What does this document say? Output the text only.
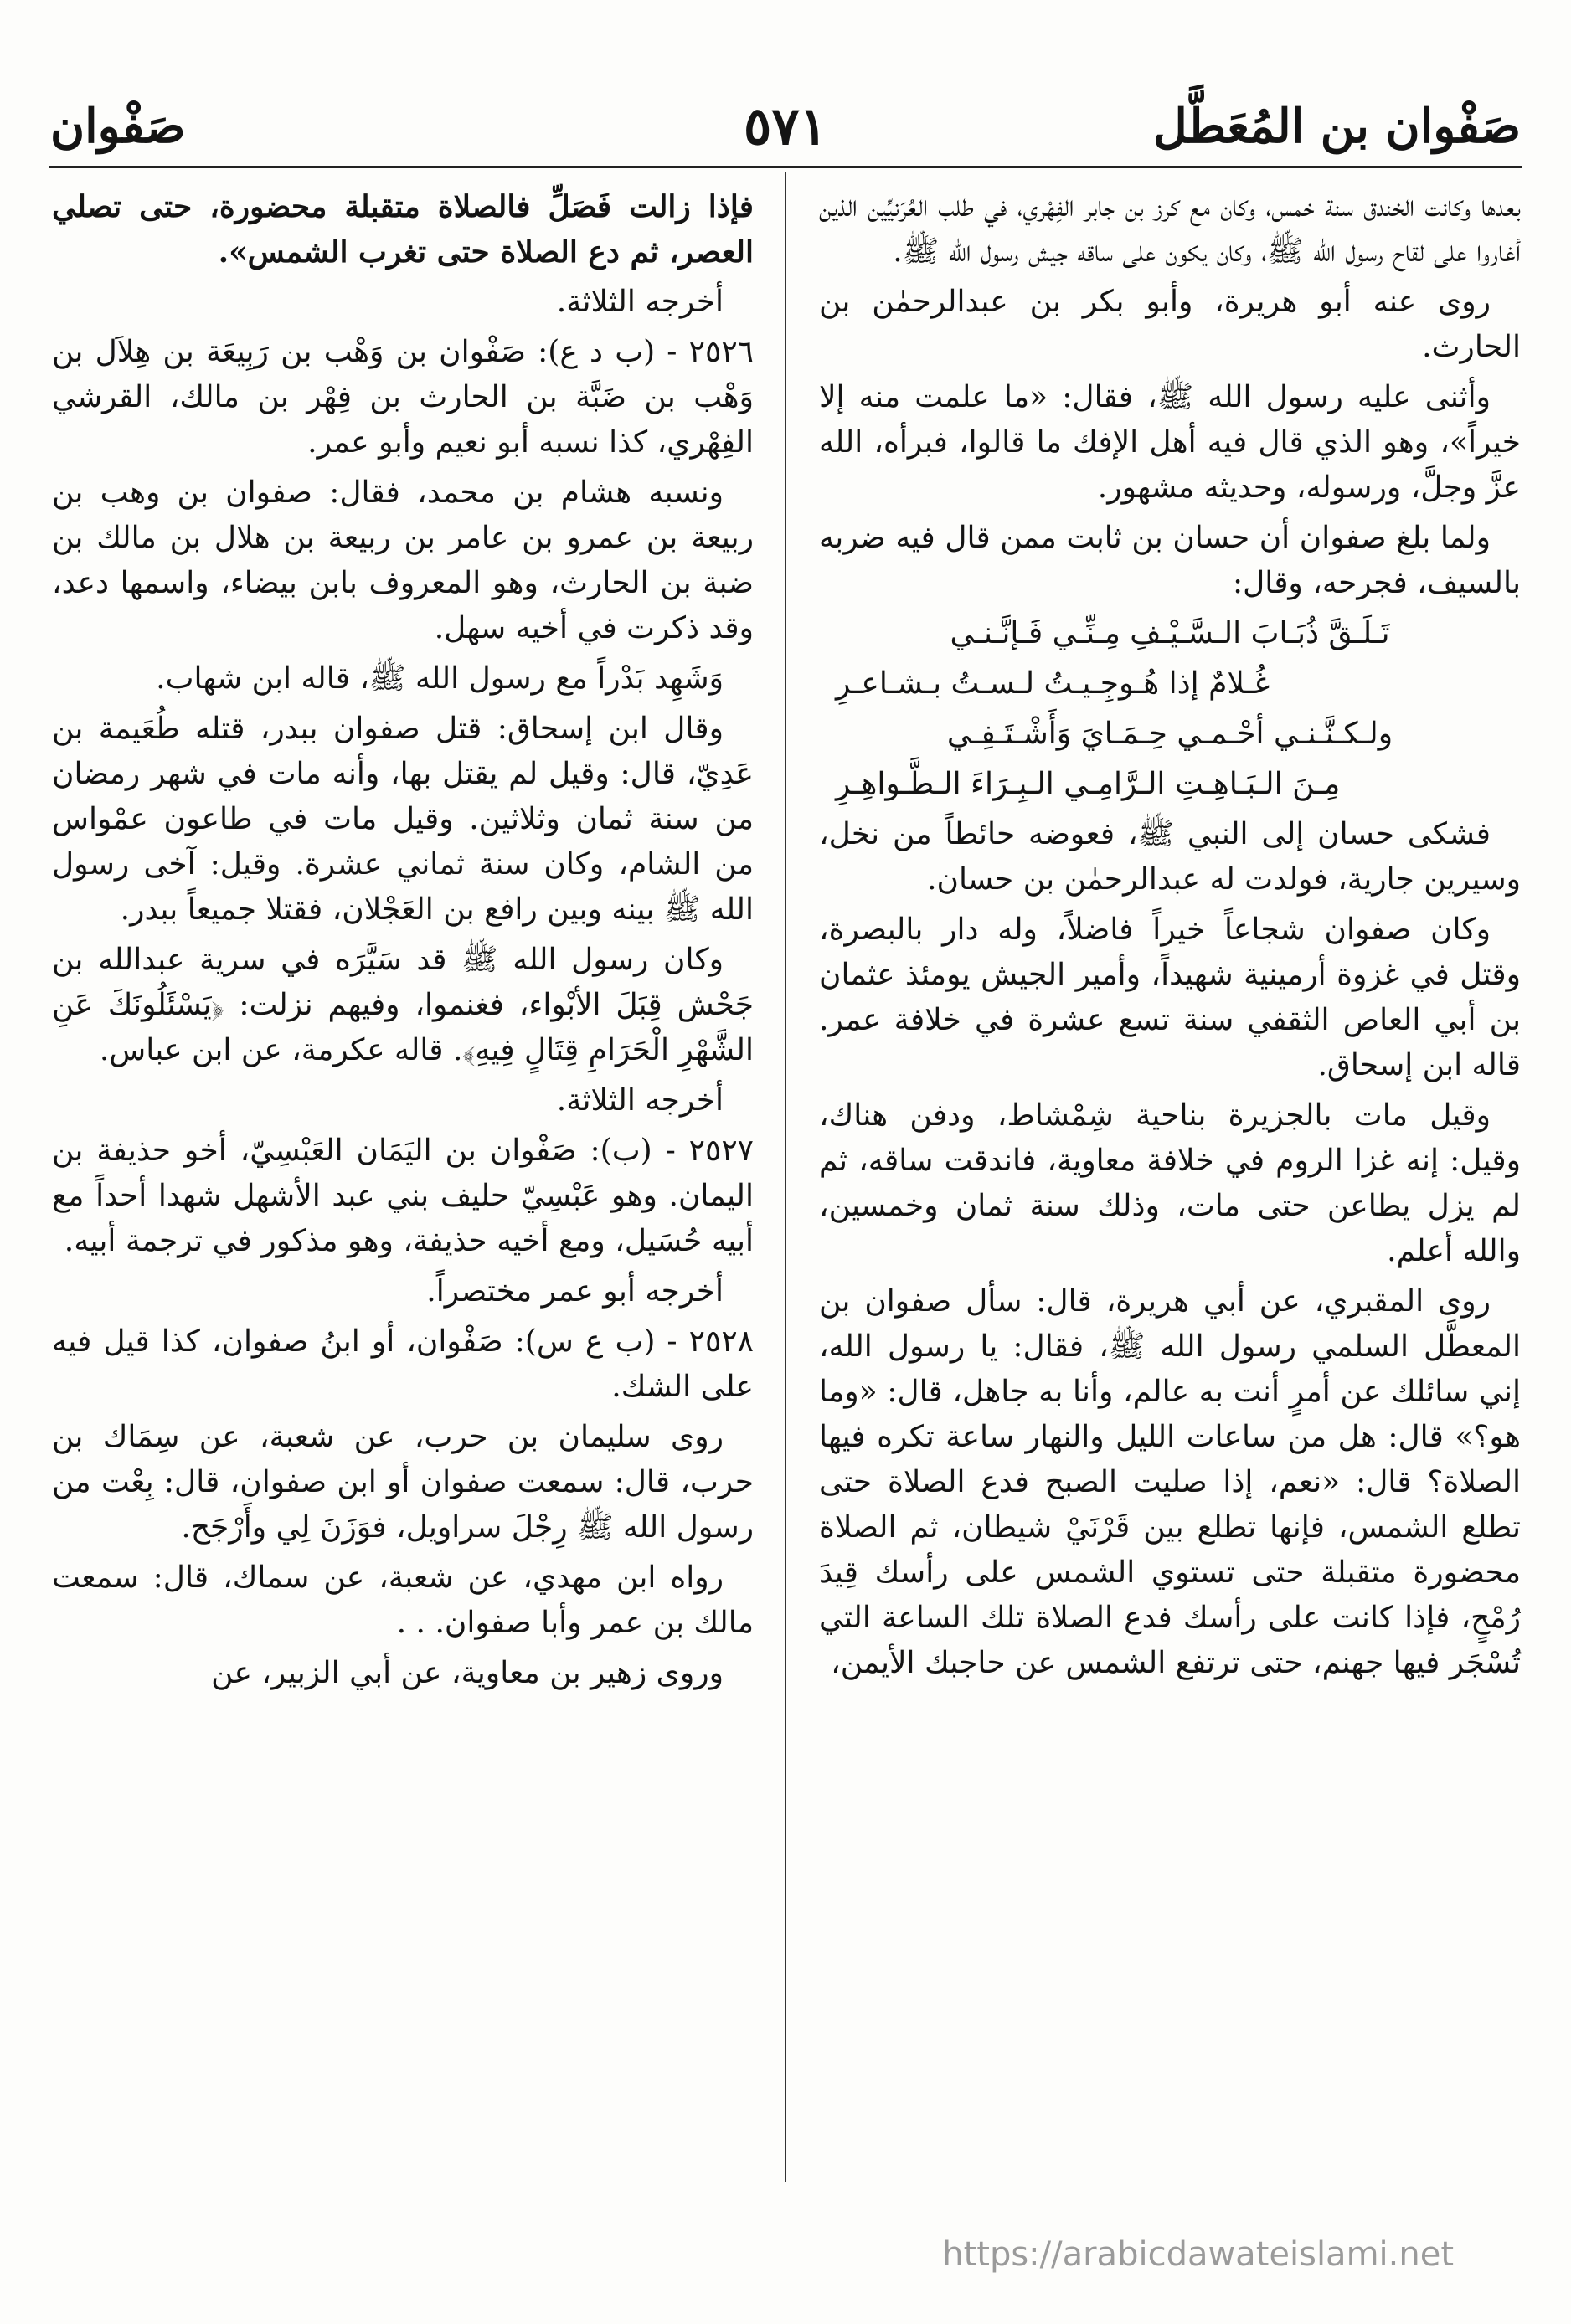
صَفْوان بن المُعَطَّل
٥٧١
صَفْوان

بعدها وكانت الخندق سنة خمس، وكان مع كرز بن جابر الفِهْري، في طلب العُرَنيِّين الذين أغاروا على لقاح رسول الله ﷺ، وكان يكون على ساقه جيش رسول الله ﷺ.

روى عنه أبو هريرة، وأبو بكر بن عبدالرحمٰن بن الحارث.

وأثنى عليه رسول الله ﷺ، فقال: «ما علمت منه إلا خيراً»، وهو الذي قال فيه أهل الإفك ما قالوا، فبرأه، الله عزَّ وجلَّ، ورسوله، وحديثه مشهور.

ولما بلغ صفوان أن حسان بن ثابت ممن قال فيه ضربه بالسيف، فجرحه، وقال:

تَـلَـقَّ ذُبَـابَ الـسَّـيْـفِ مِـنِّـي فَـإنَّـنـي

غُـلامٌ إذا هُـوجِـيـتُ لـسـتُ بـشـاعـرِ

ولـكـنَّـنـي أحْـمـي حِـمَـايَ وَأَشْـتَـفِـي

مِـنَ الـبَـاهِـتِ الـرَّامِـي الـبِـرَاءَ الـطَّـواهِـرِ

فشكى حسان إلى النبي ﷺ، فعوضه حائطاً من نخل، وسيرين جارية، فولدت له عبدالرحمٰن بن حسان.

وكان صفوان شجاعاً خيراً فاضلاً، وله دار بالبصرة، وقتل في غزوة أرمينية شهيداً، وأمير الجيش يومئذ عثمان بن أبي العاص الثقفي سنة تسع عشرة في خلافة عمر. قاله ابن إسحاق.

وقيل مات بالجزيرة بناحية شِمْشاط، ودفن هناك، وقيل: إنه غزا الروم في خلافة معاوية، فاندقت ساقه، ثم لم يزل يطاعن حتى مات، وذلك سنة ثمان وخمسين، والله أعلم.

روى المقبري، عن أبي هريرة، قال: سأل صفوان بن المعطَّل السلمي رسول الله ﷺ، فقال: يا رسول الله، إني سائلك عن أمرٍ أنت به عالم، وأنا به جاهل، قال: «وما هو؟» قال: هل من ساعات الليل والنهار ساعة تكره فيها الصلاة؟ قال: «نعم، إذا صليت الصبح فدع الصلاة حتى تطلع الشمس، فإنها تطلع بين قَرْنَيْ شيطان، ثم الصلاة محضورة متقبلة حتى تستوي الشمس على رأسك قِيدَ رُمْحٍ، فإذا كانت على رأسك فدع الصلاة تلك الساعة التي تُسْجَر فيها جهنم، حتى ترتفع الشمس عن حاجبك الأيمن،

فإذا زالت فَصَلِّ فالصلاة متقبلة محضورة، حتى تصلي العصر، ثم دع الصلاة حتى تغرب الشمس».

أخرجه الثلاثة.

٢٥٢٦ - (ب د ع): صَفْوان بن وَهْب بن رَبِيعَة بن هِلاَل بن وَهْب بن ضَبَّة بن الحارث بن فِهْر بن مالك، القرشي الفِهْري، كذا نسبه أبو نعيم وأبو عمر.

ونسبه هشام بن محمد، فقال: صفوان بن وهب بن ربيعة بن عمرو بن عامر بن ربيعة بن هلال بن مالك بن ضبة بن الحارث، وهو المعروف بابن بيضاء، واسمها دعد، وقد ذكرت في أخيه سهل.

وَشَهِد بَدْراً مع رسول الله ﷺ، قاله ابن شهاب.

وقال ابن إسحاق: قتل صفوان ببدر، قتله طُعَيمة بن عَدِيّ، قال: وقيل لم يقتل بها، وأنه مات في شهر رمضان من سنة ثمان وثلاثين. وقيل مات في طاعون عمْواس من الشام، وكان سنة ثماني عشرة. وقيل: آخى رسول الله ﷺ بينه وبين رافع بن العَجْلان، فقتلا جميعاً ببدر.

وكان رسول الله ﷺ قد سَيَّرَه في سرية عبدالله بن جَحْش قِبَلَ الأبْواء، فغنموا، وفيهم نزلت: ﴿يَسْئَلُونَكَ عَنِ الشَّهْرِ الْحَرَامِ قِتَالٍ فِيهِ﴾. قاله عكرمة، عن ابن عباس.

أخرجه الثلاثة.

٢٥٢٧ - (ب): صَفْوان بن اليَمَان العَبْسِيّ، أخو حذيفة بن اليمان. وهو عَبْسِيّ حليف بني عبد الأشهل شهدا أحداً مع أبيه حُسَيل، ومع أخيه حذيفة، وهو مذكور في ترجمة أبيه.

أخرجه أبو عمر مختصراً.

٢٥٢٨ - (ب ع س): صَفْوان، أو ابنُ صفوان، كذا قيل فيه على الشك.

روى سليمان بن حرب، عن شعبة، عن سِمَاك بن حرب، قال: سمعت صفوان أو ابن صفوان، قال: بِعْت من رسول الله ﷺ رِجْلَ سراويل، فوَزَنَ لِي وأَرْجَح.

رواه ابن مهدي، عن شعبة، عن سماك، قال: سمعت مالك بن عمر وأبا صفوان. . .

وروى زهير بن معاوية، عن أبي الزبير، عن

https://arabicdawateislami.net
